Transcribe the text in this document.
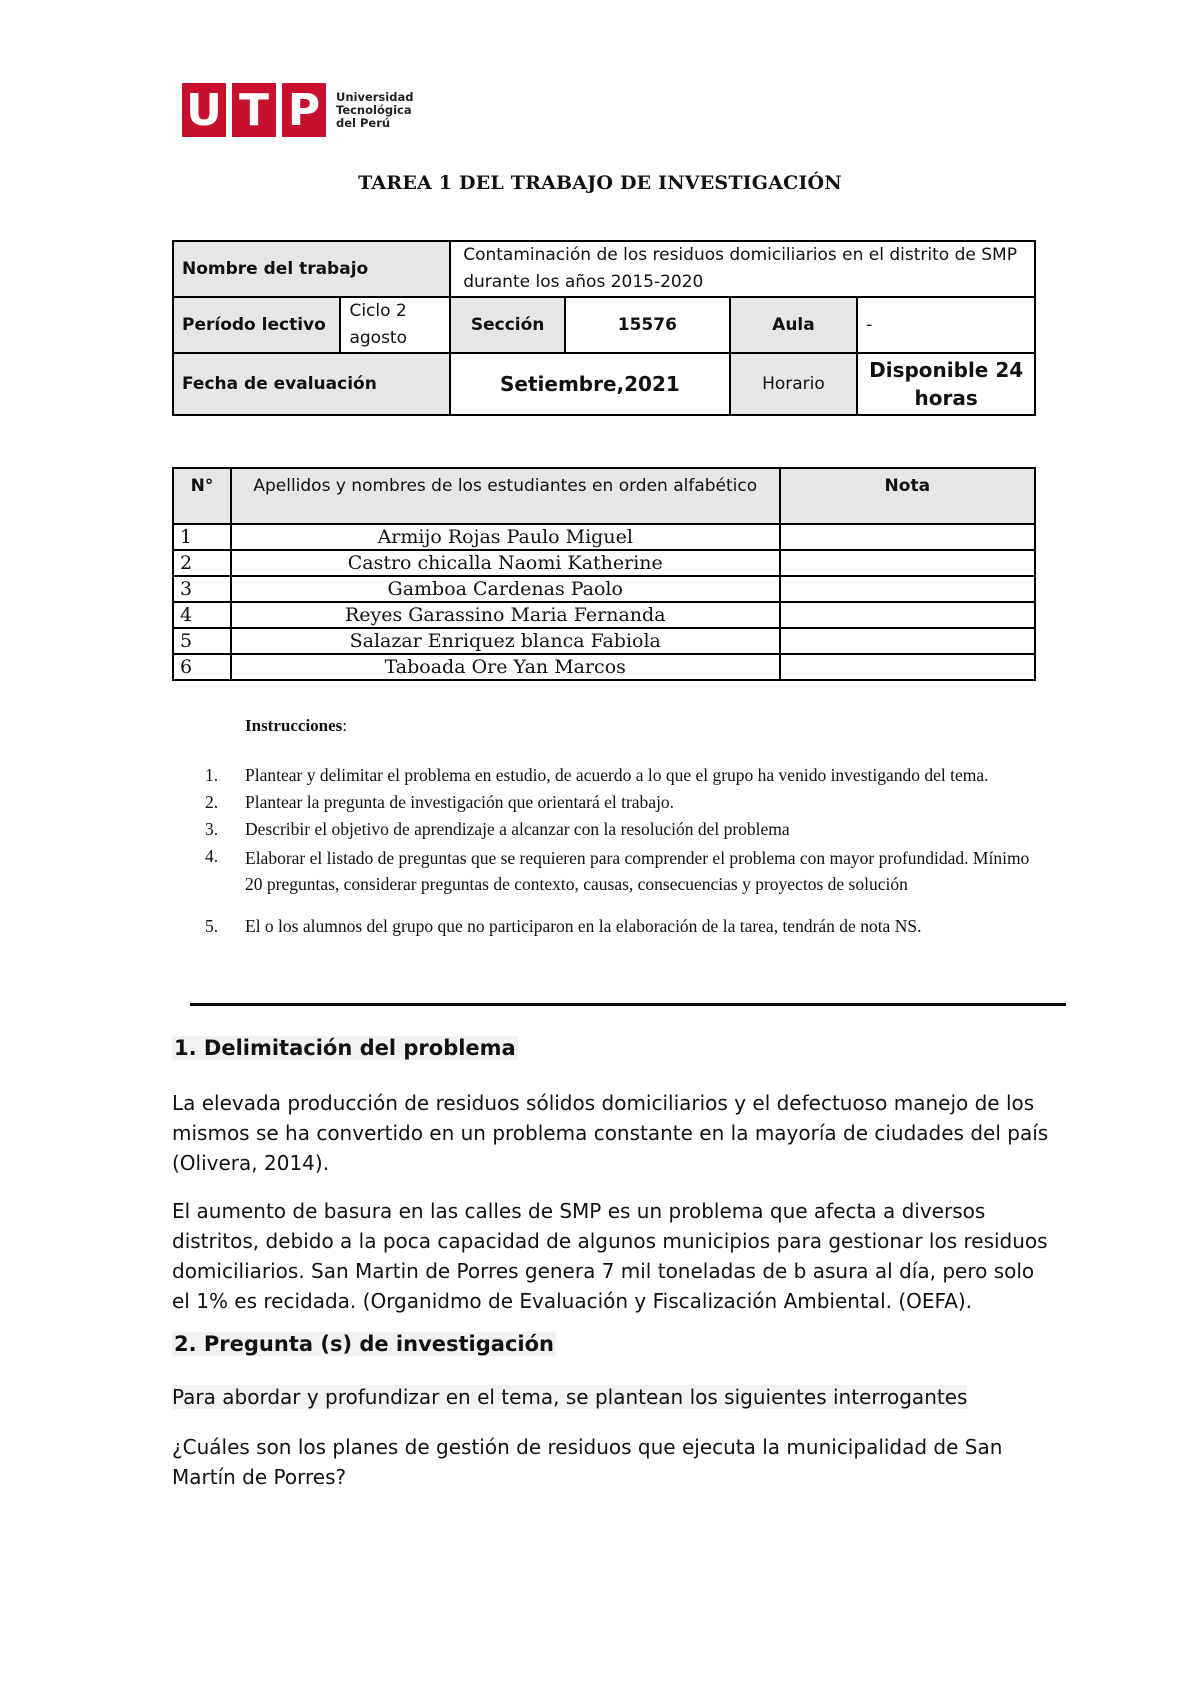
U T P	Universidad
Tecnológica
del Perú
TAREA 1 DEL TRABAJO DE INVESTIGACIÓN
Nombre del trabajo		Contaminación de los residuos domiciliarios en el distrito de SMP durante los años 2015-2020			
Período lectivo	Ciclo 2 agosto	Sección	15576	Aula	-
Fecha de evaluación		Setiembre,2021		Horario	Disponible 24 horas
N°	Apellidos y nombres de los estudiantes en orden alfabético	Nota
1	Armijo Rojas Paulo Miguel	
2	Castro chicalla Naomi Katherine	
3	Gamboa Cardenas Paolo	
4	Reyes Garassino Maria Fernanda	
5	Salazar Enriquez blanca Fabiola	
6	Taboada Ore Yan Marcos	
Instrucciones:
1.	Plantear y delimitar el problema en estudio, de acuerdo a lo que el grupo ha venido investigando del tema.
2.	Plantear la pregunta de investigación que orientará el trabajo.
3.	Describir el objetivo de aprendizaje a alcanzar con la resolución del problema
4.	Elaborar el listado de preguntas que se requieren para comprender el problema con mayor profundidad. Mínimo 20 preguntas, considerar preguntas de contexto, causas, consecuencias y proyectos de solución
5.	El o los alumnos del grupo que no participaron en la elaboración de la tarea, tendrán de nota NS.
1. Delimitación del problema
La elevada producción de residuos sólidos domiciliarios y el defectuoso manejo de los mismos se ha convertido en un problema constante en la mayoría de ciudades del país (Olivera, 2014).
El aumento de basura en las calles de SMP es un problema que afecta a diversos distritos, debido a la poca capacidad de algunos municipios para gestionar los residuos domiciliarios. San Martin de Porres genera 7 mil toneladas de b asura al día, pero solo el 1% es recidada. (Organidmo de Evaluación y Fiscalización Ambiental. (OEFA).
2. Pregunta (s) de investigación
Para abordar y profundizar en el tema, se plantean los siguientes interrogantes
¿Cuáles son los planes de gestión de residuos que ejecuta la municipalidad de San Martín de Porres?
